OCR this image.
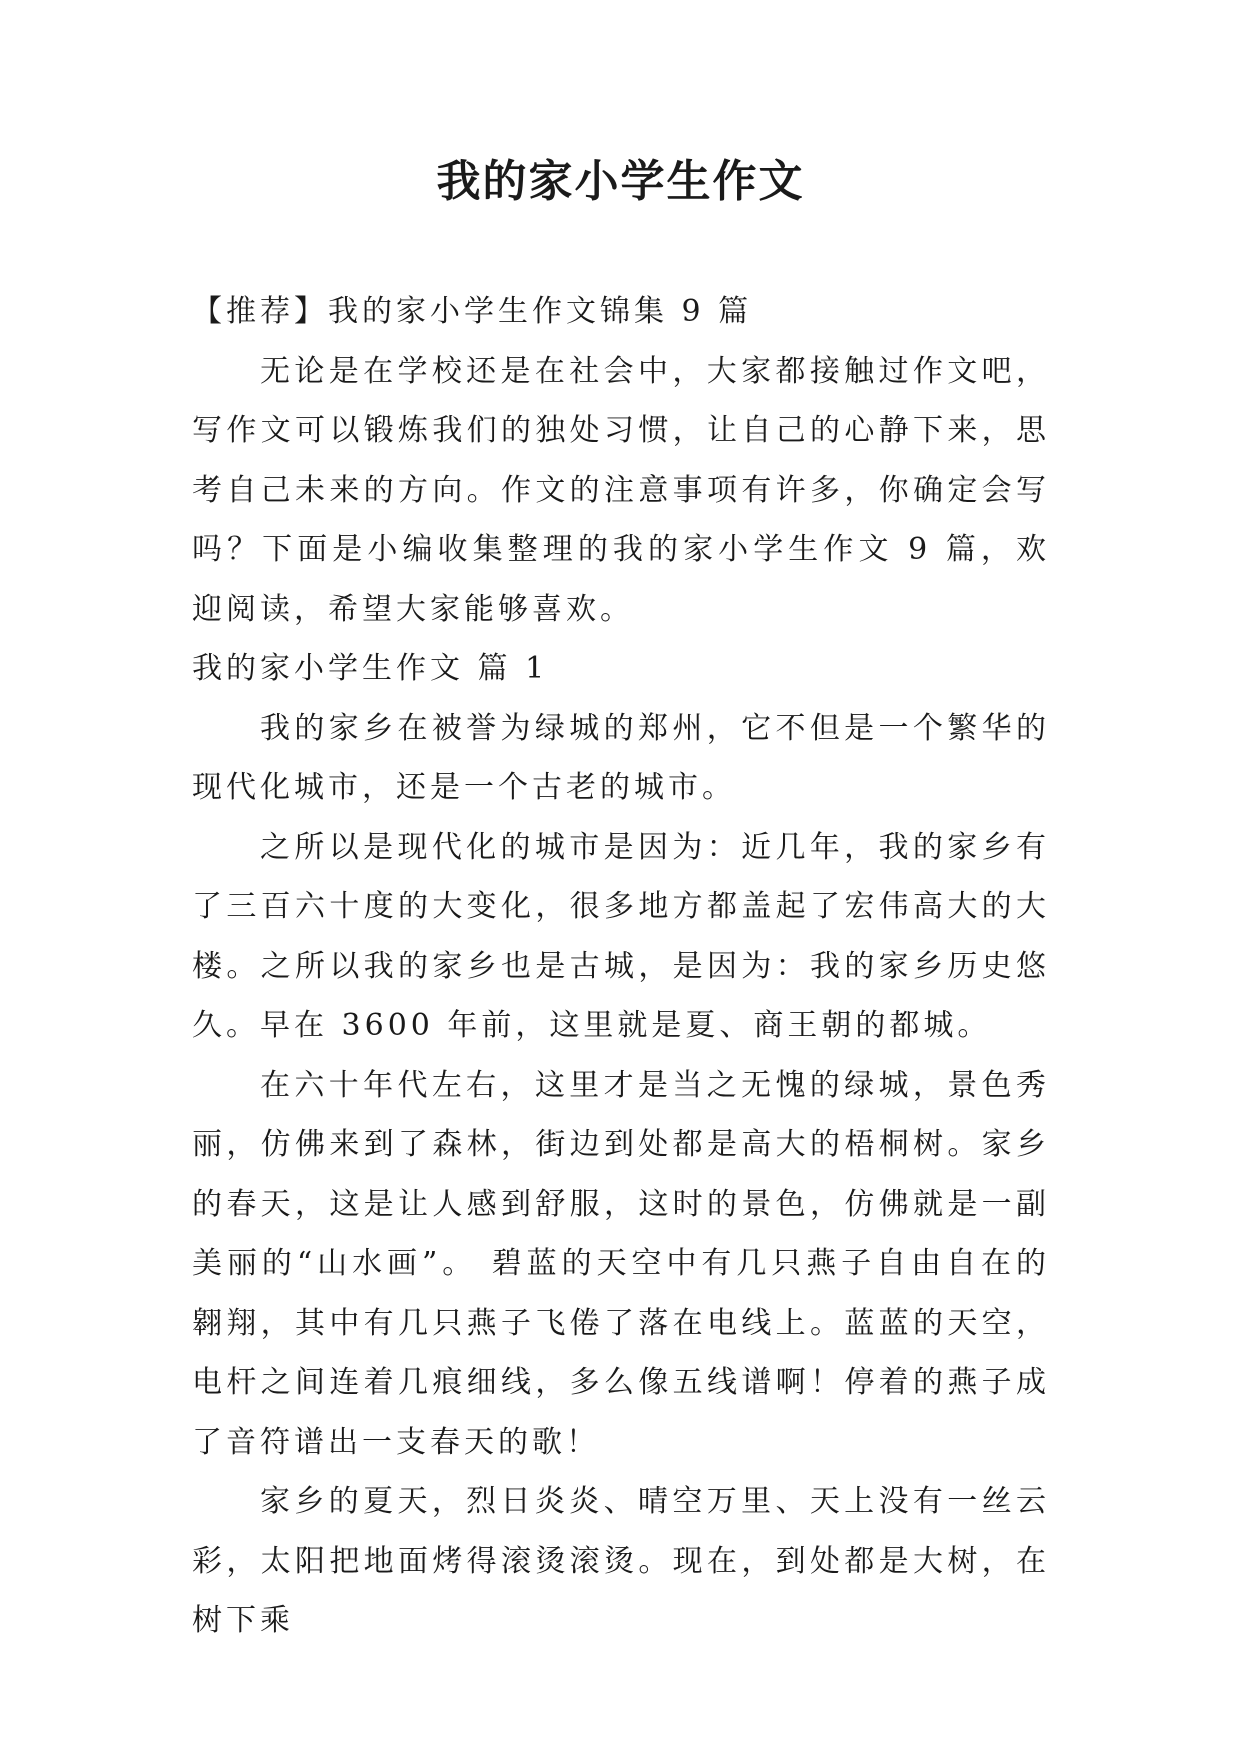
我的家小学生作文

【推荐】我的家小学生作文锦集 9 篇

无论是在学校还是在社会中，大家都接触过作文吧，写作文可以锻炼我们的独处习惯，让自己的心静下来，思考自己未来的方向。作文的注意事项有许多，你确定会写吗？下面是小编收集整理的我的家小学生作文 9 篇，欢迎阅读，希望大家能够喜欢。

我的家小学生作文 篇 1

我的家乡在被誉为绿城的郑州，它不但是一个繁华的现代化城市，还是一个古老的城市。

之所以是现代化的城市是因为：近几年，我的家乡有了三百六十度的大变化，很多地方都盖起了宏伟高大的大楼。之所以我的家乡也是古城，是因为：我的家乡历史悠久。早在 3600 年前，这里就是夏、商王朝的都城。

在六十年代左右，这里才是当之无愧的绿城，景色秀丽，仿佛来到了森林，街边到处都是高大的梧桐树。家乡的春天，这是让人感到舒服，这时的景色，仿佛就是一副美丽的“山水画”。 碧蓝的天空中有几只燕子自由自在的翱翔，其中有几只燕子飞倦了落在电线上。蓝蓝的天空，电杆之间连着几痕细线，多么像五线谱啊！停着的燕子成了音符谱出一支春天的歌！

家乡的夏天，烈日炎炎、晴空万里、天上没有一丝云彩，太阳把地面烤得滚烫滚烫。现在，到处都是大树，在树下乘
